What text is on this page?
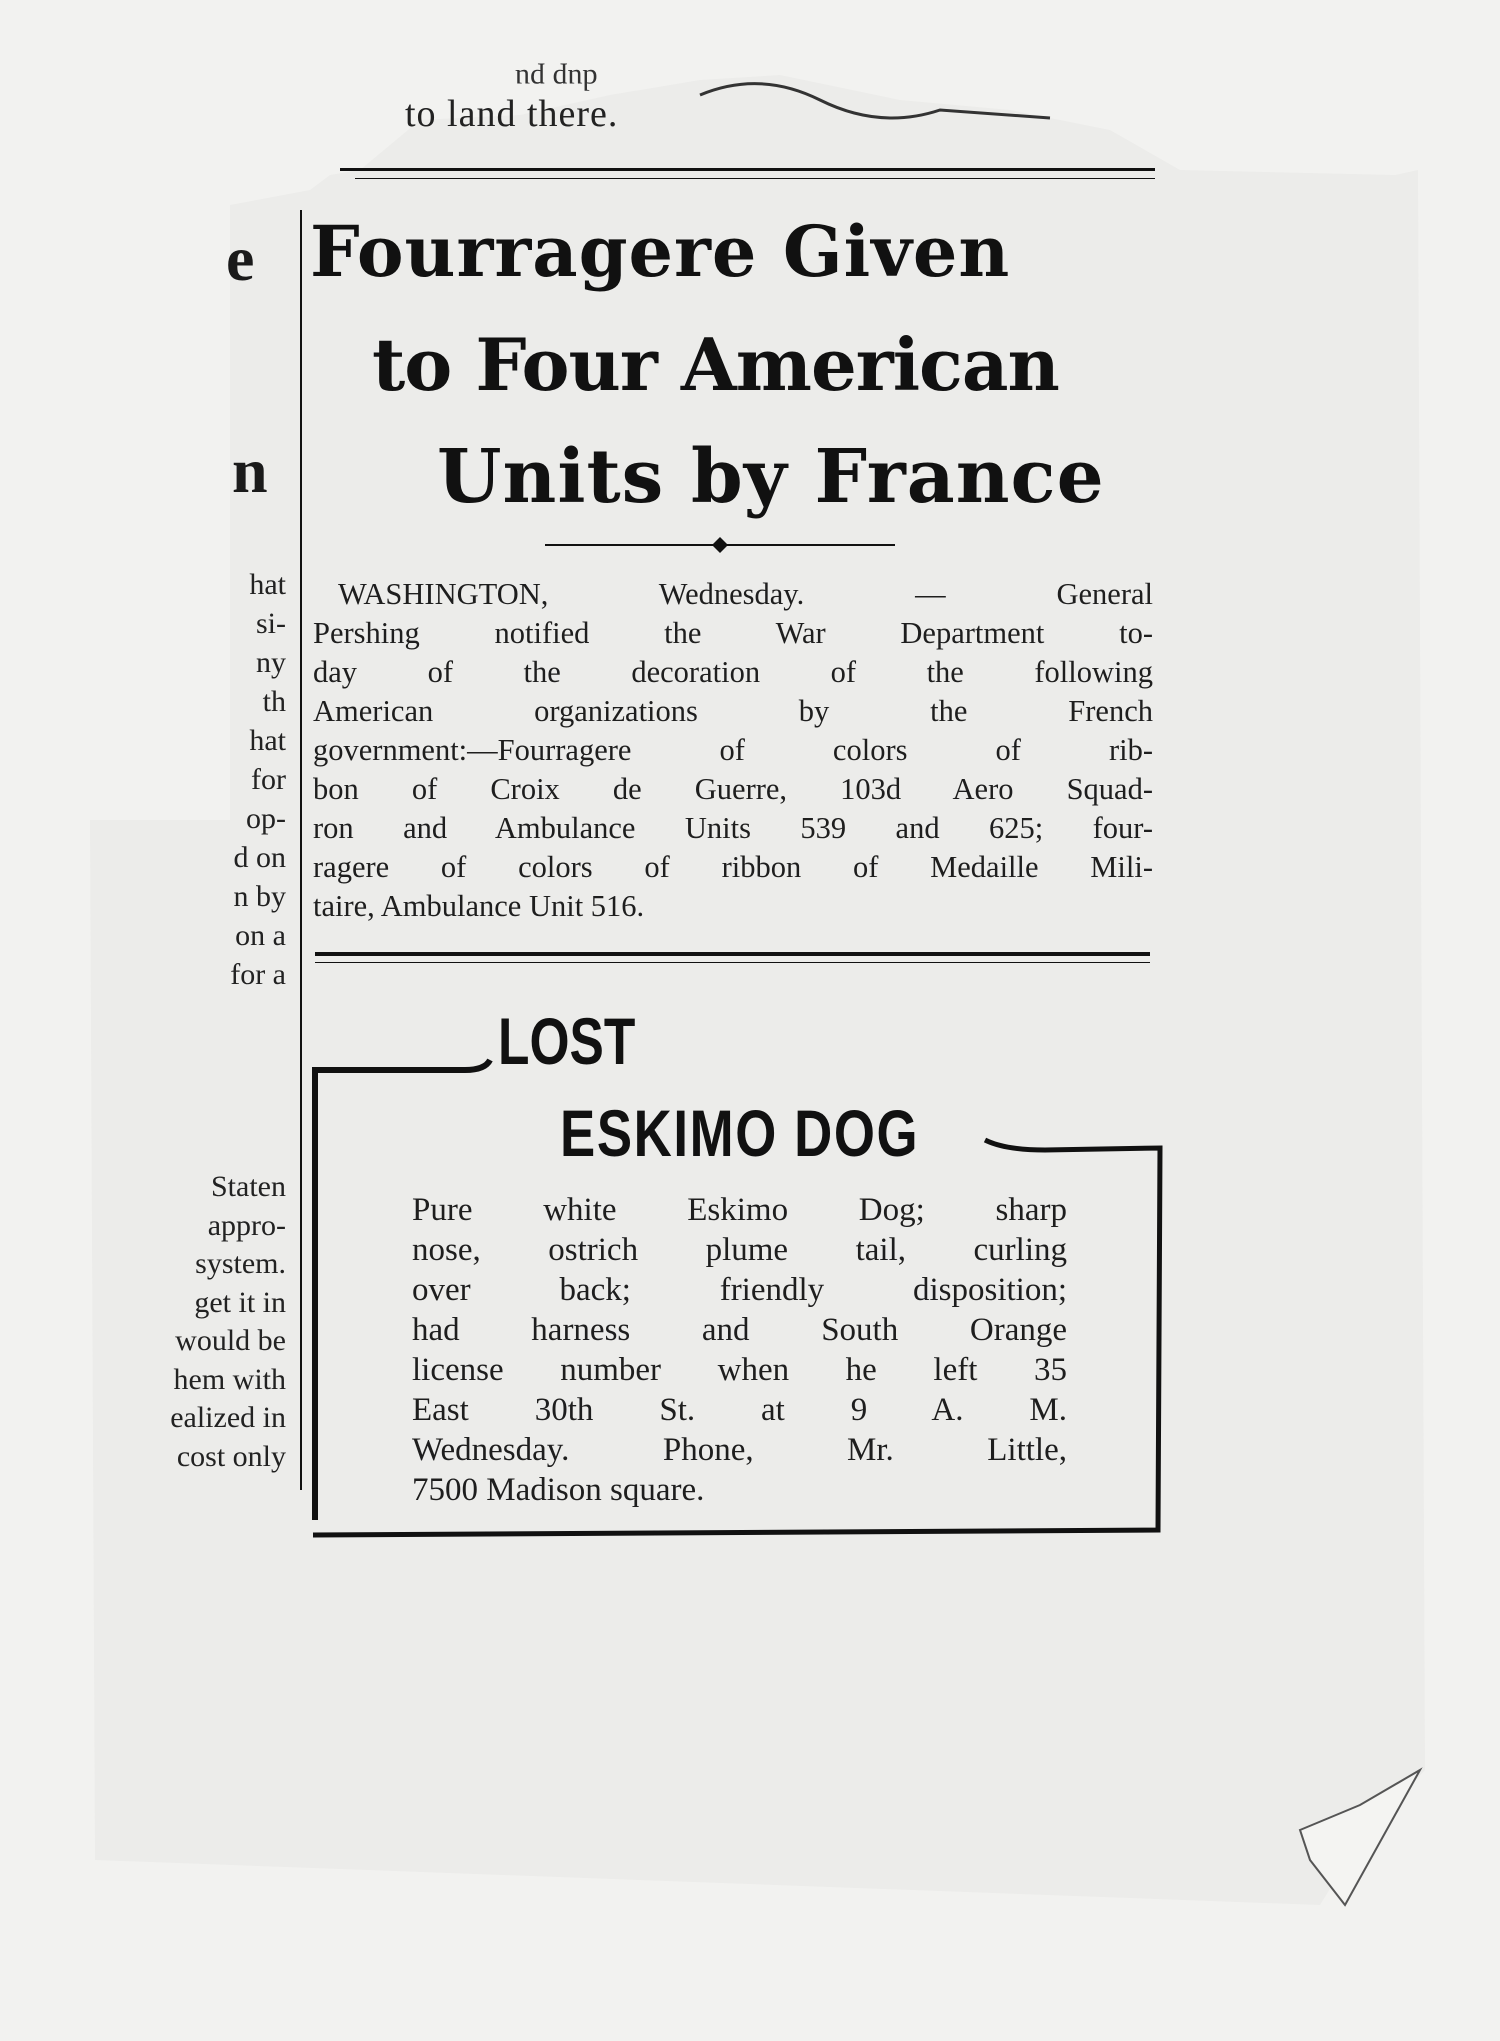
dup pu
to land there.
e
n
hat
si-
ny
th
hat
for
op-
d on
n by
on a
for a
Staten
appro-
system.
get it in
would be
hem with
ealized in
cost only
Fourragere Given
to Four American
Units by France
WASHINGTON, Wednesday. — General
Pershing notified the War Department to-
day of the decoration of the following
American organizations by the French
government:—Fourragere of colors of rib-
bon of Croix de Guerre, 103d Aero Squad-
ron and Ambulance Units 539 and 625; four-
ragere of colors of ribbon of Medaille Mili-
taire, Ambulance Unit 516.
LOST
ESKIMO DOG
Pure white Eskimo Dog; sharp
nose, ostrich plume tail, curling
over back; friendly disposition;
had harness and South Orange
license number when he left 35
East 30th St. at 9 A. M.
Wednesday. Phone, Mr. Little,
7500 Madison square.
